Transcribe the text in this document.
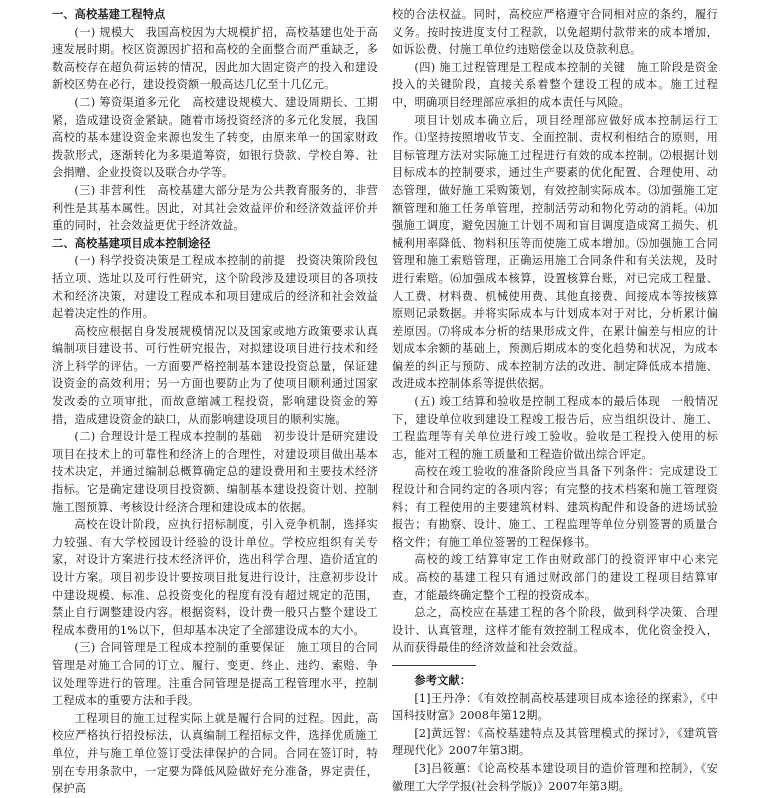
一、高校基建工程特点

(一) 规模大　我国高校因为大规模扩招，高校基建也处于高速发展时期。校区资源因扩招和高校的全面整合而严重缺乏，多数高校存在超负荷运转的情况，因此加大固定资产的投入和建设新校区势在必行，建设投资额一般高达几亿至十几亿元。

(二) 筹资渠道多元化　高校建设规模大、建设周期长、工期紧，造成建设资金紧缺。随着市场投资经济的多元化发展，我国高校的基本建设资金来源也发生了转变，由原来单一的国家财政拨款形式，逐渐转化为多渠道筹资，如银行贷款、学校自筹、社会捐赠、企业投资以及联合办学等。

(三) 非营利性　高校基建大部分是为公共教育服务的，非营利性是其基本属性。因此，对其社会效益评价和经济效益评价并重的同时，社会效益更优于经济效益。

二、高校基建项目成本控制途径

(一) 科学投资决策是工程成本控制的前提　投资决策阶段包括立项、选址以及可行性研究，这个阶段涉及建设项目的各项技术和经济决策，对建设工程成本和项目建成后的经济和社会效益起着决定性的作用。

高校应根据自身发展规模情况以及国家或地方政策要求认真编制项目建设书、可行性研究报告，对拟建设项目进行技术和经济上科学的评估。一方面要严格控制基本建设投资总量，保证建设资金的高效利用；另一方面也要防止为了使项目顺利通过国家发改委的立项审批，而故意缩减工程投资，影响建设资金的筹措，造成建设资金的缺口，从而影响建设项目的顺利实施。

(二) 合理设计是工程成本控制的基础　初步设计是研究建设项目在技术上的可靠性和经济上的合理性，对建设项目做出基本技术决定，并通过编制总概算确定总的建设费用和主要技术经济指标。它是确定建设项目投资额、编制基本建设投资计划、控制施工图预算、考核设计经济合理和建设成本的依据。

高校在设计阶段，应执行招标制度，引入竞争机制，选择实力较强、有大学校园设计经验的设计单位。学校应组织有关专家，对设计方案进行技术经济评价，选出科学合理、造价适宜的设计方案。项目初步设计要按项目批复进行设计，注意初步设计中建设规模、标准、总投资变化的程度有没有超过规定的范围，禁止自行调整建设内容。根据资料，设计费一般只占整个建设工程成本费用的1%以下，但却基本决定了全部建设成本的大小。

(三) 合同管理是工程成本控制的重要保证　施工项目的合同管理是对施工合同的订立、履行、变更、终止、违约、索赔、争议处理等进行的管理。注重合同管理是提高工程管理水平，控制工程成本的重要方法和手段。

工程项目的施工过程实际上就是履行合同的过程。因此，高校应严格执行招投标法，认真编制工程招标文件，选择优质施工单位，并与施工单位签订受法律保护的合同。合同在签订时，特别在专用条款中，一定要为降低风险做好充分准备，界定责任，保护高

校的合法权益。同时，高校应严格遵守合同相对应的条约，履行义务。按时按进度支付工程款，以免超期付款带来的成本增加，如诉讼费、付施工单位约违赔偿金以及贷款利息。

(四) 施工过程管理是工程成本控制的关键　施工阶段是资金投入的关键阶段，直接关系着整个建设工程的成本。施工过程中，明确项目经理部应承担的成本责任与风险。

项目计划成本确立后，项目经理部应做好成本控制运行工作。⑴坚持按照增收节支、全面控制、责权利相结合的原则，用目标管理方法对实际施工过程进行有效的成本控制。⑵根据计划目标成本的控制要求，通过生产要素的优化配置、合理使用、动态管理，做好施工采购策划，有效控制实际成本。⑶加强施工定额管理和施工任务单管理，控制活劳动和物化劳动的消耗。⑷加强施工调度，避免因施工计划不周和盲目调度造成窝工损失、机械利用率降低、物料积压等而使施工成本增加。⑸加强施工合同管理和施工索赔管理，正确运用施工合同条件和有关法规，及时进行索赔。⑹加强成本核算，设置核算台账，对已完成工程量、人工费、材料费、机械使用费、其他直接费、间接成本等按核算原则记录数据。并将实际成本与计划成本对于对比，分析累计偏差原因。⑺将成本分析的结果形成文件，在累计偏差与相应的计划成本余额的基础上，预测后期成本的变化趋势和状况，为成本偏差的纠正与预防、成本控制方法的改进、制定降低成本措施、改进成本控制体系等提供依据。

(五) 竣工结算和验收是控制工程成本的最后体现　一般情况下，建设单位收到建设工程竣工报告后，应当组织设计、施工、工程监理等有关单位进行竣工验收。验收是工程投入使用的标志，能对工程的施工质量和工程造价做出综合评定。

高校在竣工验收的准备阶段应当具备下列条件：完成建设工程设计和合同约定的各项内容；有完整的技术档案和施工管理资料；有工程使用的主要建筑材料、建筑构配件和设备的进场试验报告；有勘察、设计、施工、工程监理等单位分别签署的质量合格文件；有施工单位签署的工程保修书。

高校的竣工结算审定工作由财政部门的投资评审中心来完成。高校的基建工程只有通过财政部门的建设工程项目结算审查，才能最终确定整个工程的投资成本。

总之，高校应在基建工程的各个阶段，做到科学决策、合理设计、认真管理，这样才能有效控制工程成本，优化资金投入，从而获得最佳的经济效益和社会效益。

参考文献：

[1]王丹净：《有效控制高校基建项目成本途径的探索》，《中国科技财富》2008年第12期。

[2]黄远智：《高校基建特点及其管理模式的探讨》，《建筑管理现代化》2007年第3期。

[3]吕筱蕙：《论高校基本建设项目的造价管理和控制》，《安徽理工大学学报(社会科学版)》2007年第3期。
